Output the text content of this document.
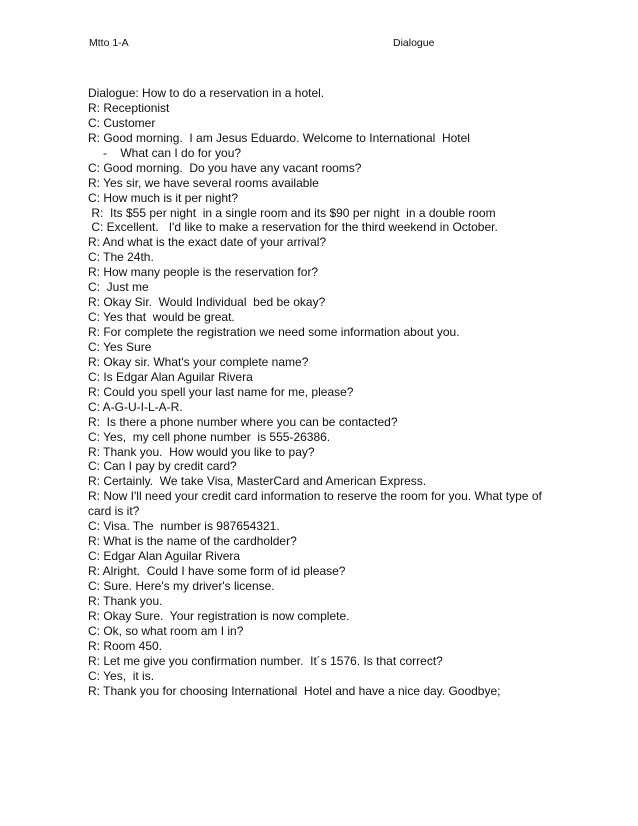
Mtto 1-A	Dialogue
Dialogue: How to do a reservation in a hotel.
R: Receptionist
C: Customer
R: Good morning.  I am Jesus Eduardo. Welcome to International  Hotel
-    What can I do for you?
C: Good morning.  Do you have any vacant rooms?
R: Yes sir, we have several rooms available
C: How much is it per night?
R:  Its $55 per night  in a single room and its $90 per night  in a double room
C: Excellent.   I'd like to make a reservation for the third weekend in October.
R: And what is the exact date of your arrival?
C: The 24th.
R: How many people is the reservation for?
C:  Just me
R: Okay Sir.  Would Individual  bed be okay?
C: Yes that  would be great.
R: For complete the registration we need some information about you.
C: Yes Sure
R: Okay sir. What's your complete name?
C: Is Edgar Alan Aguilar Rivera
R: Could you spell your last name for me, please?
C: A-G-U-I-L-A-R.
R:  Is there a phone number where you can be contacted?
C: Yes,  my cell phone number  is 555-26386.
R: Thank you.  How would you like to pay?
C: Can I pay by credit card?
R: Certainly.  We take Visa, MasterCard and American Express.
R: Now I'll need your credit card information to reserve the room for you. What type of card is it?
C: Visa. The  number is 987654321.
R: What is the name of the cardholder?
C: Edgar Alan Aguilar Rivera
R: Alright.  Could I have some form of id please?
C: Sure. Here's my driver's license.
R: Thank you.
R: Okay Sure.  Your registration is now complete.
C: Ok, so what room am I in?
R: Room 450.
R: Let me give you confirmation number.  It´s 1576. Is that correct?
C: Yes,  it is.
R: Thank you for choosing International  Hotel and have a nice day. Goodbye;
